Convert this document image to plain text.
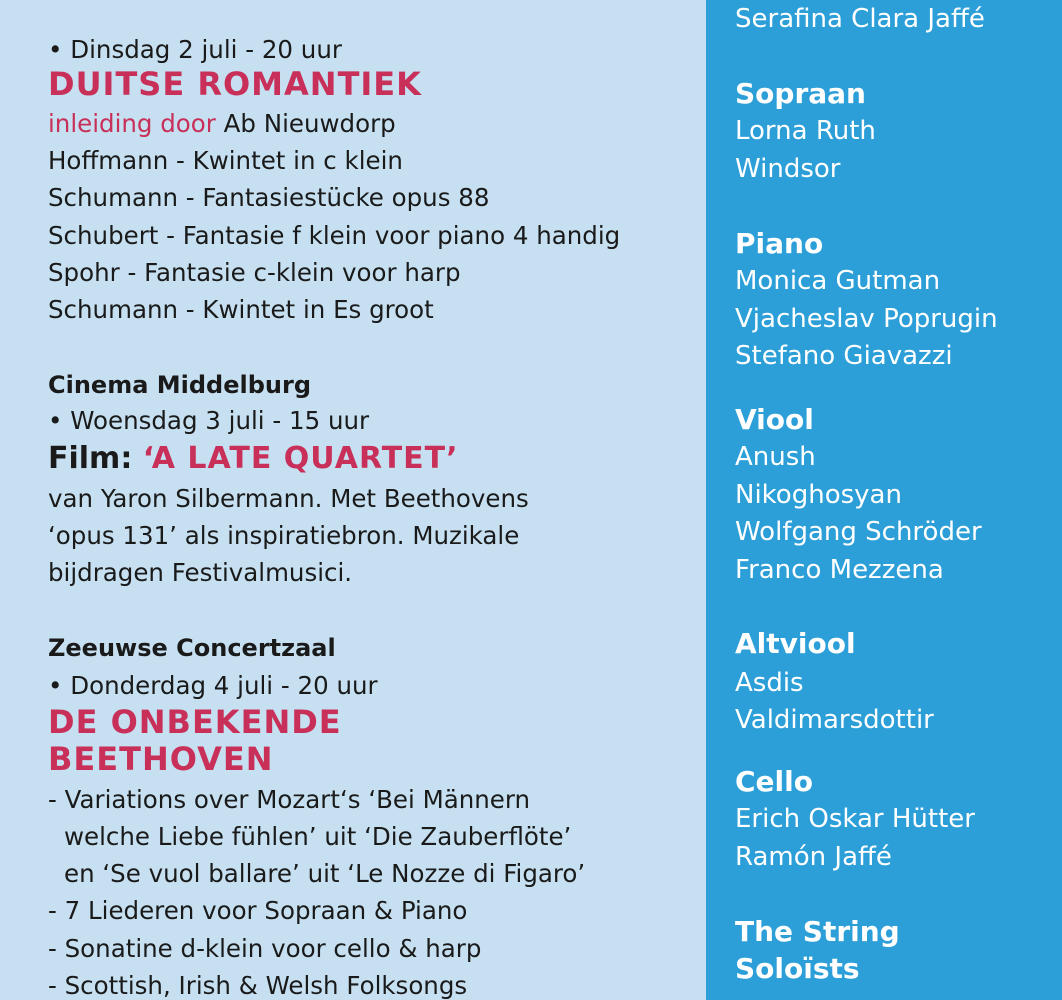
• Dinsdag 2 juli - 20 uur
DUITSE ROMANTIEK
inleiding door Ab Nieuwdorp
Hoffmann - Kwintet in c klein
Schumann - Fantasiestücke opus 88
Schubert - Fantasie f klein voor piano 4 handig
Spohr - Fantasie c-klein voor harp
Schumann - Kwintet in Es groot
Cinema Middelburg
• Woensdag 3 juli - 15 uur
Film: ‘A LATE QUARTET’
van Yaron Silbermann. Met Beethovens
‘opus 131’ als inspiratiebron. Muzikale
bijdragen Festivalmusici.
Zeeuwse Concertzaal
• Donderdag 4 juli - 20 uur
DE ONBEKENDE
BEETHOVEN
- Variations over Mozart‘s ‘Bei Männern
welche Liebe fühlen’ uit ‘Die Zauberflöte’
en ‘Se vuol ballare’ uit ‘Le Nozze di Figaro’
- 7 Liederen voor Sopraan & Piano
- Sonatine d-klein voor cello & harp
- Scottish, Irish & Welsh Folksongs
Serafina Clara Jaffé
Sopraan
Lorna Ruth
Windsor
Piano
Monica Gutman
Vjacheslav Poprugin
Stefano Giavazzi
Viool
Anush
Nikoghosyan
Wolfgang Schröder
Franco Mezzena
Altviool
Asdis
Valdimarsdottir
Cello
Erich Oskar Hütter
Ramón Jaffé
The String
Soloïsts
